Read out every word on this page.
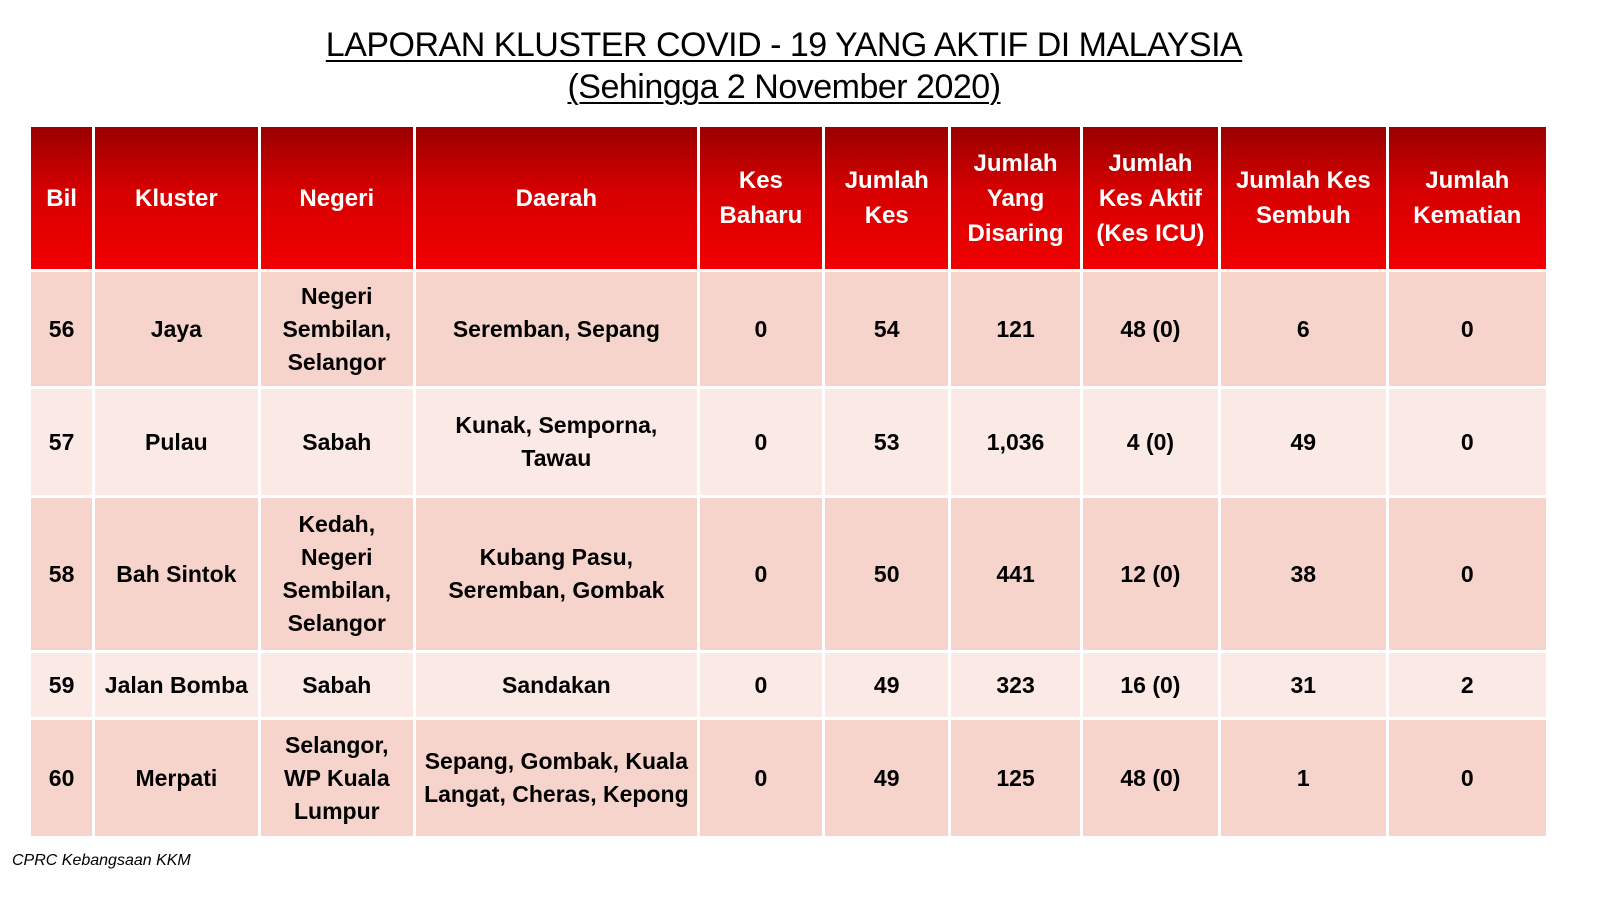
LAPORAN KLUSTER COVID - 19 YANG AKTIF DI MALAYSIA
(Sehingga 2 November 2020)
Bil	Kluster	Negeri	Daerah	Kes Baharu	Jumlah Kes	Jumlah Yang Disaring	Jumlah Kes Aktif (Kes ICU)	Jumlah Kes Sembuh	Jumlah Kematian
56	Jaya	Negeri Sembilan, Selangor	Seremban, Sepang	0	54	121	48 (0)	6	0
57	Pulau	Sabah	Kunak, Semporna, Tawau	0	53	1,036	4 (0)	49	0
58	Bah Sintok	Kedah, Negeri Sembilan, Selangor	Kubang Pasu, Seremban, Gombak	0	50	441	12 (0)	38	0
59	Jalan Bomba	Sabah	Sandakan	0	49	323	16 (0)	31	2
60	Merpati	Selangor, WP Kuala Lumpur	Sepang, Gombak, Kuala Langat, Cheras, Kepong	0	49	125	48 (0)	1	0
CPRC Kebangsaan KKM
